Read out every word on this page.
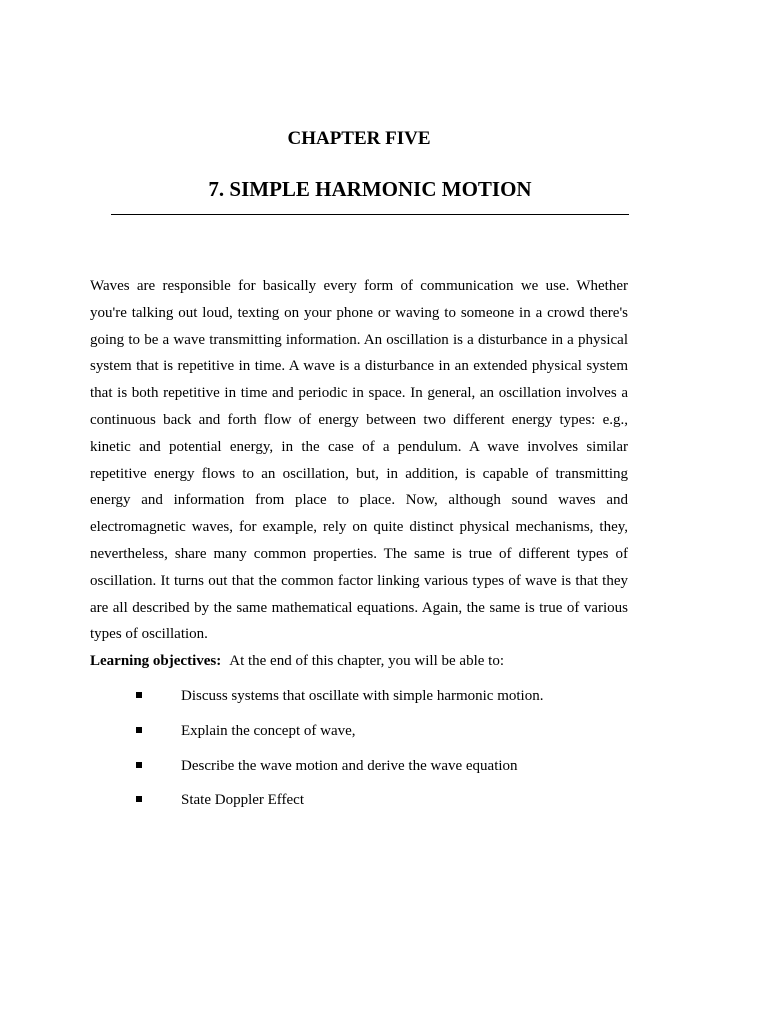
CHAPTER FIVE
7. SIMPLE HARMONIC MOTION

Waves are responsible for basically every form of communication we use. Whether you're talking out loud, texting on your phone or waving to someone in a crowd there's going to be a wave transmitting information. An oscillation is a disturbance in a physical system that is repetitive in time. A wave is a disturbance in an extended physical system that is both repetitive in time and periodic in space. In general, an oscillation involves a continuous back and forth flow of energy between two different energy types: e.g., kinetic and potential energy, in the case of a pendulum. A wave involves similar repetitive energy flows to an oscillation, but, in addition, is capable of transmitting energy and information from place to place. Now, although sound waves and electromagnetic waves, for example, rely on quite distinct physical mechanisms, they, nevertheless, share many common properties. The same is true of different types of oscillation. It turns out that the common factor linking various types of wave is that they are all described by the same mathematical equations. Again, the same is true of various types of oscillation.

Learning objectives: At the end of this chapter, you will be able to:
Discuss systems that oscillate with simple harmonic motion.
Explain the concept of wave,
Describe the wave motion and derive the wave equation
State Doppler Effect
